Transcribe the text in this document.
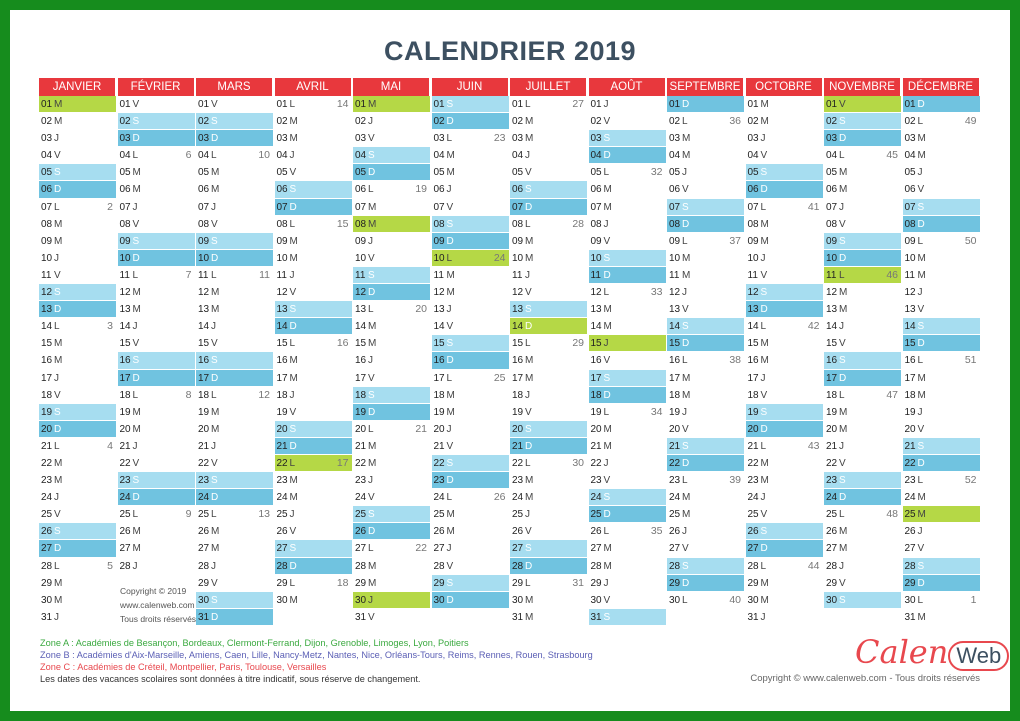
CALENDRIER 2019
JANVIER
01 M
02 M
03 J
04 V
05 S
06 D
07 L	2
08 M
09 M
10 J
11 V
12 S
13 D
14 L	3
15 M
16 M
17 J
18 V
19 S
20 D
21 L	4
22 M
23 M
24 J
25 V
26 S
27 D
28 L	5
29 M
30 M
31 J
FÉVRIER
01 V
02 S
03 D
04 L	6
05 M
06 M
07 J
08 V
09 S
10 D
11 L	7
12 M
13 M
14 J
15 V
16 S
17 D
18 L	8
19 M
20 M
21 J
22 V
23 S
24 D
25 L	9
26 M
27 M
28 J
MARS
01 V
02 S
03 D
04 L	10
05 M
06 M
07 J
08 V
09 S
10 D
11 L	11
12 M
13 M
14 J
15 V
16 S
17 D
18 L	12
19 M
20 M
21 J
22 V
23 S
24 D
25 L	13
26 M
27 M
28 J
29 V
30 S
31 D
AVRIL
01 L	14
02 M
03 M
04 J
05 V
06 S
07 D
08 L	15
09 M
10 M
11 J
12 V
13 S
14 D
15 L	16
16 M
17 M
18 J
19 V
20 S
21 D
22 L	17
23 M
24 M
25 J
26 V
27 S
28 D
29 L	18
30 M
MAI
01 M
02 J
03 V
04 S
05 D
06 L	19
07 M
08 M
09 J
10 V
11 S
12 D
13 L	20
14 M
15 M
16 J
17 V
18 S
19 D
20 L	21
21 M
22 M
23 J
24 V
25 S
26 D
27 L	22
28 M
29 M
30 J
31 V
JUIN
01 S
02 D
03 L	23
04 M
05 M
06 J
07 V
08 S
09 D
10 L	24
11 M
12 M
13 J
14 V
15 S
16 D
17 L	25
18 M
19 M
20 J
21 V
22 S
23 D
24 L	26
25 M
26 M
27 J
28 V
29 S
30 D
JUILLET
01 L	27
02 M
03 M
04 J
05 V
06 S
07 D
08 L	28
09 M
10 M
11 J
12 V
13 S
14 D
15 L	29
16 M
17 M
18 J
19 V
20 S
21 D
22 L	30
23 M
24 M
25 J
26 V
27 S
28 D
29 L	31
30 M
31 M
AOÛT
01 J
02 V
03 S
04 D
05 L	32
06 M
07 M
08 J
09 V
10 S
11 D
12 L	33
13 M
14 M
15 J
16 V
17 S
18 D
19 L	34
20 M
21 M
22 J
23 V
24 S
25 D
26 L	35
27 M
28 M
29 J
30 V
31 S
SEPTEMBRE
01 D
02 L	36
03 M
04 M
05 J
06 V
07 S
08 D
09 L	37
10 M
11 M
12 J
13 V
14 S
15 D
16 L	38
17 M
18 M
19 J
20 V
21 S
22 D
23 L	39
24 M
25 M
26 J
27 V
28 S
29 D
30 L	40
OCTOBRE
01 M
02 M
03 J
04 V
05 S
06 D
07 L	41
08 M
09 M
10 J
11 V
12 S
13 D
14 L	42
15 M
16 M
17 J
18 V
19 S
20 D
21 L	43
22 M
23 M
24 J
25 V
26 S
27 D
28 L	44
29 M
30 M
31 J
NOVEMBRE
01 V
02 S
03 D
04 L	45
05 M
06 M
07 J
08 V
09 S
10 D
11 L	46
12 M
13 M
14 J
15 V
16 S
17 D
18 L	47
19 M
20 M
21 J
22 V
23 S
24 D
25 L	48
26 M
27 M
28 J
29 V
30 S
DÉCEMBRE
01 D
02 L	49
03 M
04 M
05 J
06 V
07 S
08 D
09 L	50
10 M
11 M
12 J
13 V
14 S
15 D
16 L	51
17 M
18 M
19 J
20 V
21 S
22 D
23 L	52
24 M
25 M
26 J
27 V
28 S
29 D
30 L	1
31 M
Copyright © 2019
www.calenweb.com
Tous droits réservés
Zone A : Académies de Besançon, Bordeaux, Clermont-Ferrand, Dijon, Grenoble, Limoges, Lyon, Poitiers
Zone B : Académies d'Aix-Marseille, Amiens, Caen, Lille, Nancy-Metz, Nantes, Nice, Orléans-Tours, Reims, Rennes, Rouen, Strasbourg
Zone C : Académies de Créteil, Montpellier, Paris, Toulouse, Versailles
Les dates des vacances scolaires sont données à titre indicatif, sous réserve de changement.
Calen Web
Copyright © www.calenweb.com - Tous droits réservés
